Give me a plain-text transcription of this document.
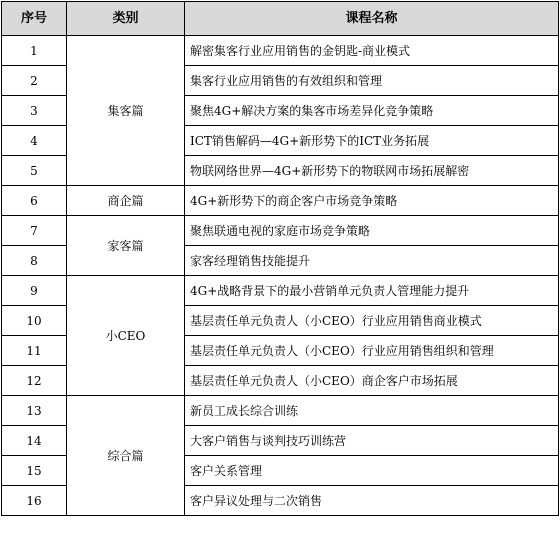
序号	类别	课程名称
1	集客篇	解密集客行业应用销售的金钥匙-商业模式
2		集客行业应用销售的有效组织和管理
3		聚焦4G+解决方案的集客市场差异化竞争策略
4		ICT销售解码—4G+新形势下的ICT业务拓展
5		物联网络世界—4G+新形势下的物联网市场拓展解密
6	商企篇	4G+新形势下的商企客户市场竞争策略
7	家客篇	聚焦联通电视的家庭市场竞争策略
8		家客经理销售技能提升
9	小CEO	4G+战略背景下的最小营销单元负责人管理能力提升
10		基层责任单元负责人（小CEO）行业应用销售商业模式
11		基层责任单元负责人（小CEO）行业应用销售组织和管理
12		基层责任单元负责人（小CEO）商企客户市场拓展
13	综合篇	新员工成长综合训练
14		大客户销售与谈判技巧训练营
15		客户关系管理
16		客户异议处理与二次销售
